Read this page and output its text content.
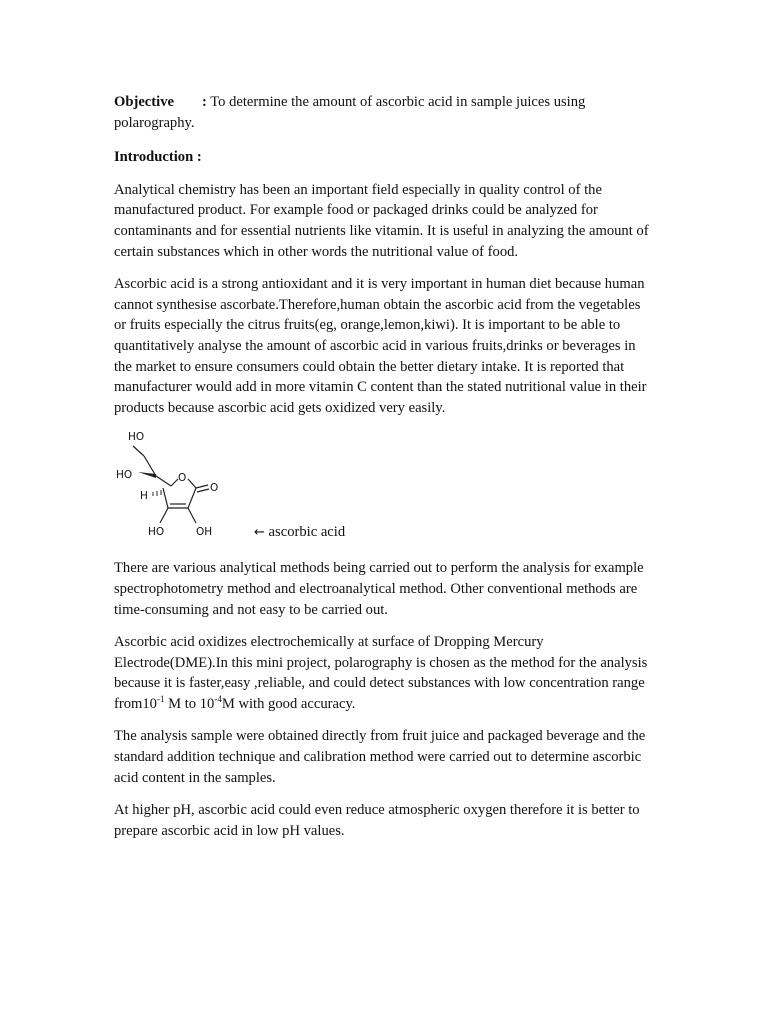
Objective : To determine the amount of ascorbic acid in sample juices using polarography.

Introduction :

Analytical chemistry has been an important field especially in quality control of the manufactured product. For example food or packaged drinks could be analyzed for contaminants and for essential nutrients like vitamin. It is useful in analyzing the amount of certain substances which in other words the nutritional value of food.

Ascorbic acid is a strong antioxidant and it is very important in human diet because human cannot synthesise ascorbate.Therefore,human obtain the ascorbic acid from the vegetables or fruits especially the citrus fruits(eg, orange,lemon,kiwi). It is important to be able to quantitatively analyse the amount of ascorbic acid in various fruits,drinks or beverages in the market to ensure consumers could obtain the better dietary intake. It is reported that manufacturer would add in more vitamin C content than the stated nutritional value in their products because ascorbic acid gets oxidized very easily.

HO
HO
H
O
O
HO	OH	← ascorbic acid

There are various analytical methods being carried out to perform the analysis for example spectrophotometry method and electroanalytical method. Other conventional methods are time-consuming and not easy to be carried out.

Ascorbic acid oxidizes electrochemically at surface of Dropping Mercury Electrode(DME).In this mini project, polarography is chosen as the method for the analysis because it is faster,easy ,reliable, and could detect substances with low concentration range $from10^{-1}$ M to $10^{-4}M$ with good accuracy.

The analysis sample were obtained directly from fruit juice and packaged beverage and the standard addition technique and calibration method were carried out to determine ascorbic acid content in the samples.

At higher pH, ascorbic acid could even reduce atmospheric oxygen therefore it is better to prepare ascorbic acid in low pH values.
